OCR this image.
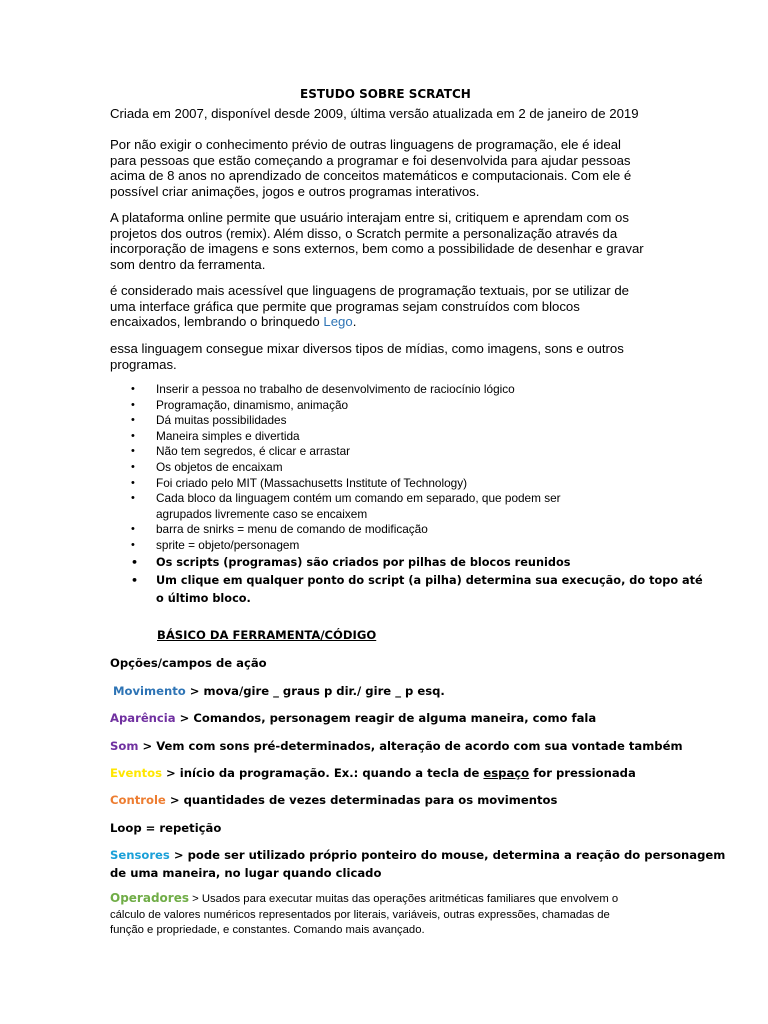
ESTUDO SOBRE SCRATCH
Criada em 2007, disponível desde 2009, última versão atualizada em 2 de janeiro de 2019
Por não exigir o conhecimento prévio de outras linguagens de programação, ele é ideal
para pessoas que estão começando a programar e foi desenvolvida para ajudar pessoas
acima de 8 anos no aprendizado de conceitos matemáticos e computacionais. Com ele é
possível criar animações, jogos e outros programas interativos.
A plataforma online permite que usuário interajam entre si, critiquem e aprendam com os
projetos dos outros (remix). Além disso, o Scratch permite a personalização através da
incorporação de imagens e sons externos, bem como a possibilidade de desenhar e gravar
som dentro da ferramenta.
é considerado mais acessível que linguagens de programação textuais, por se utilizar de
uma interface gráfica que permite que programas sejam construídos com blocos
encaixados, lembrando o brinquedo Lego.
essa linguagem consegue mixar diversos tipos de mídias, como imagens, sons e outros
programas.
• Inserir a pessoa no trabalho de desenvolvimento de raciocínio lógico
• Programação, dinamismo, animação
• Dá muitas possibilidades
• Maneira simples e divertida
• Não tem segredos, é clicar e arrastar
• Os objetos de encaixam
• Foi criado pelo MIT (Massachusetts Institute of Technology)
• Cada bloco da linguagem contém um comando em separado, que podem ser
agrupados livremente caso se encaixem
• barra de snirks = menu de comando de modificação
• sprite = objeto/personagem
• Os scripts (programas) são criados por pilhas de blocos reunidos
• Um clique em qualquer ponto do script (a pilha) determina sua execução, do topo até
o último bloco.
BÁSICO DA FERRAMENTA/CÓDIGO
Opções/campos de ação
Movimento > mova/gire _ graus p dir./ gire _ p esq.
Aparência > Comandos, personagem reagir de alguma maneira, como fala
Som > Vem com sons pré-determinados, alteração de acordo com sua vontade também
Eventos > início da programação. Ex.: quando a tecla de espaço for pressionada
Controle > quantidades de vezes determinadas para os movimentos
Loop = repetição
Sensores > pode ser utilizado próprio ponteiro do mouse, determina a reação do personagem
de uma maneira, no lugar quando clicado
Operadores > Usados para executar muitas das operações aritméticas familiares que envolvem o
cálculo de valores numéricos representados por literais, variáveis, outras expressões, chamadas de
função e propriedade, e constantes. Comando mais avançado.
